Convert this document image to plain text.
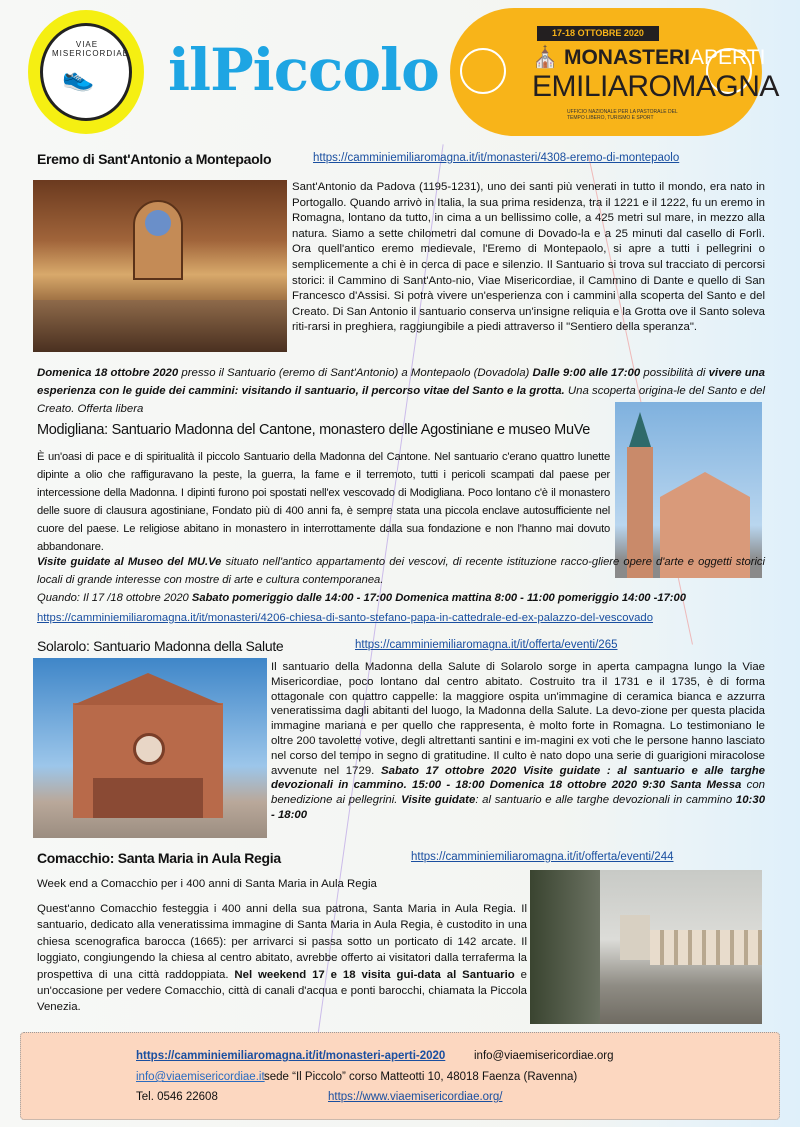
VIAE MISERICORDIAE
👟 ilPiccolo
17-18 OTTOBRE 2020
⛪ MONASTERIAPERTI
EMILIAROMAGNA
UFFICIO NAZIONALE PER LA PASTORALE DEL TEMPO LIBERO, TURISMO E SPORT
Eremo di Sant'Antonio a Montepaolo	https://camminiemiliaromagna.it/it/monasteri/4308-eremo-di-montepaolo
Sant'Antonio da Padova (1195-1231), uno dei santi più venerati in tutto il mondo, era nato in Portogallo. Quando arrivò in Italia, la sua prima residenza, tra il 1221 e il 1222, fu un eremo in Romagna, lontano da tutto, in cima a un bellissimo colle, a 425 metri sul mare, in mezzo alla natura. Siamo a sette chilometri dal comune di Dovado-la e a 25 minuti dal casello di Forlì. Ora quell'antico eremo medievale, l'Eremo di Montepaolo, si apre a tutti i pellegrini o semplicemente a chi è in cerca di pace e silenzio. Il Santuario si trova sul tracciato di percorsi storici: il Cammino di Sant'Anto-nio, Viae Misericordiae, il Cammino di Dante e quello di San Francesco d'Assisi. Si potrà vivere un'esperienza con i cammini alla scoperta del Santo e del Creato. Di San Antonio il santuario conserva un'insigne reliquia e la Grotta ove il Santo soleva riti-rarsi in preghiera, raggiungibile a piedi attraverso il "Sentiero della speranza".
Domenica 18 ottobre 2020 presso il Santuario (eremo di Sant'Antonio) a Montepaolo (Dovadola) Dalle 9:00 alle 17:00 possibilità di vivere una esperienza con le guide dei cammini: visitando il santuario, il percorso vitae del Santo e la grotta. Una scoperta origina-le del Santo e del Creato. Offerta libera
Modigliana: Santuario Madonna del Cantone, monastero delle Agostiniane e museo MuVe
È un'oasi di pace e di spiritualità il piccolo Santuario della Madonna del Cantone. Nel santuario c'erano quattro lunette dipinte a olio che raffiguravano la peste, la guerra, la fame e il terremoto, tutti i pericoli scampati dal paese per intercessione della Madonna. I dipinti furono poi spostati nell'ex vescovado di Modigliana. Poco lontano c'è il monastero delle suore di clausura agostiniane, Fondato più di 400 anni fa, è sempre stata una piccola enclave autosufficiente nel cuore del paese. Le religiose abitano in monastero in interrottamente dalla sua fondazione e non l'hanno mai dovuto abbandonare.
Visite guidate al Museo del MU.Ve situato nell'antico appartamento dei vescovi, di recente istituzione racco-gliere opere d'arte e oggetti storici locali di grande interesse con mostre di arte e cultura contemporanea.
Quando: Il 17 /18 ottobre 2020 Sabato pomeriggio dalle 14:00 - 17:00 Domenica mattina 8:00 - 11:00 pomeriggio 14:00 -17:00
https://camminiemiliaromagna.it/it/monasteri/4206-chiesa-di-santo-stefano-papa-in-cattedrale-ed-ex-palazzo-del-vescovado
Solarolo: Santuario Madonna della Salute	https://camminiemiliaromagna.it/it/offerta/eventi/265
Il santuario della Madonna della Salute di Solarolo sorge in aperta campagna lungo la Viae Misericordiae, poco lontano dal centro abitato. Costruito tra il 1731 e il 1735, è di forma ottagonale con quattro cappelle: la maggiore ospita un'immagine di ceramica bianca e azzurra veneratissima dagli abitanti del luogo, la Madonna della Salute. La devo-zione per questa placida immagine mariana e per quello che rappresenta, è molto forte in Romagna. Lo testimoniano le oltre 200 tavolette votive, degli altrettanti santini e im-magini ex voti che le persone hanno lasciato nel corso del tempo in segno di gratitudine. Il culto è nato dopo una serie di guarigioni miracolose avvenute nel 1729. Sabato 17 ottobre 2020 Visite guidate : al santuario e alle targhe devozionali in cammino. 15:00 - 18:00 Domenica 18 ottobre 2020 9:30 Santa Messa con benedizione ai pellegrini. Visite guidate: al santuario e alle targhe devozionali in cammino 10:30 - 18:00
Comacchio: Santa Maria in Aula Regia	https://camminiemiliaromagna.it/it/offerta/eventi/244
Week end a Comacchio per i 400 anni di Santa Maria in Aula Regia
Quest'anno Comacchio festeggia i 400 anni della sua patrona, Santa Maria in Aula Regia. Il santuario, dedicato alla veneratissima immagine di Santa Maria in Aula Regia, è custodito in una chiesa scenografica barocca (1665): per arrivarci si passa sotto un porticato di 142 arcate. Il loggiato, congiungendo la chiesa al centro abitato, avrebbe offerto ai visitatori dalla terraferma la prospettiva di una città raddoppiata. Nel weekend 17 e 18 visita gui-data al Santuario e un'occasione per vedere Comacchio, città di canali d'acqua e ponti barocchi, chiamata la Piccola Venezia.
https://camminiemiliaromagna.it/it/monasteri-aperti-2020 info@viaemisericordiae.org
info@viaemisericordiae.it sede “Il Piccolo” corso Matteotti 10, 48018 Faenza (Ravenna)
Tel. 0546 22608	https://www.viaemisericordiae.org/
